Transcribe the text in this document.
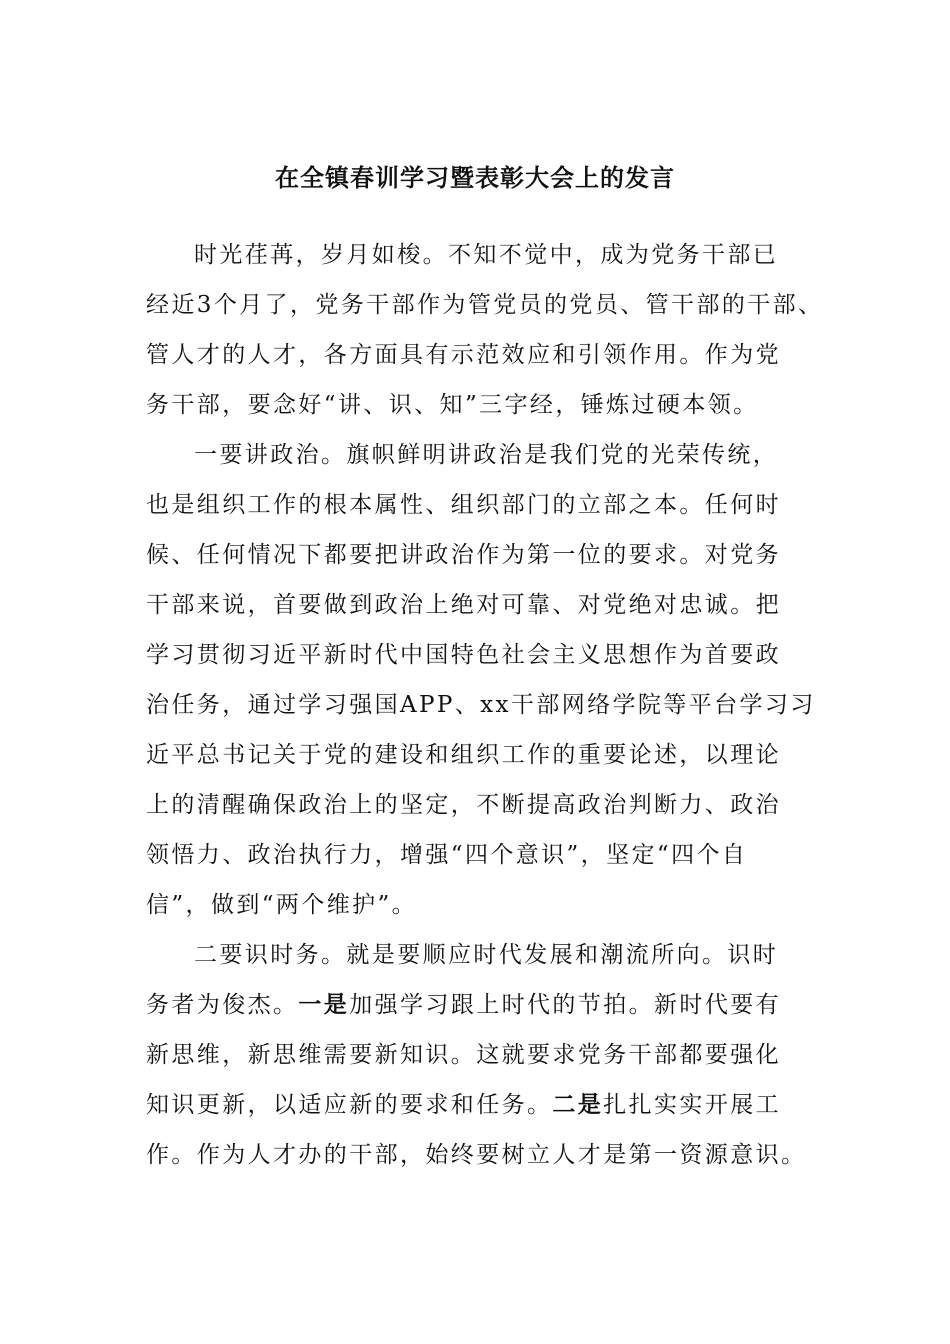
在全镇春训学习暨表彰大会上的发言
时光荏苒，岁月如梭。不知不觉中，成为党务干部已
经近3个月了，党务干部作为管党员的党员、管干部的干部、
管人才的人才，各方面具有示范效应和引领作用。作为党
务干部，要念好“讲、识、知”三字经，锤炼过硬本领。
一要讲政治。旗帜鲜明讲政治是我们党的光荣传统，
也是组织工作的根本属性、组织部门的立部之本。任何时
候、任何情况下都要把讲政治作为第一位的要求。对党务
干部来说，首要做到政治上绝对可靠、对党绝对忠诚。把
学习贯彻习近平新时代中国特色社会主义思想作为首要政
治任务，通过学习强国APP、xx干部网络学院等平台学习习
近平总书记关于党的建设和组织工作的重要论述，以理论
上的清醒确保政治上的坚定，不断提高政治判断力、政治
领悟力、政治执行力，增强“四个意识”，坚定“四个自
信”，做到“两个维护”。
二要识时务。就是要顺应时代发展和潮流所向。识时
务者为俊杰。一是加强学习跟上时代的节拍。新时代要有
新思维，新思维需要新知识。这就要求党务干部都要强化
知识更新，以适应新的要求和任务。二是扎扎实实开展工
作。作为人才办的干部，始终要树立人才是第一资源意识。
